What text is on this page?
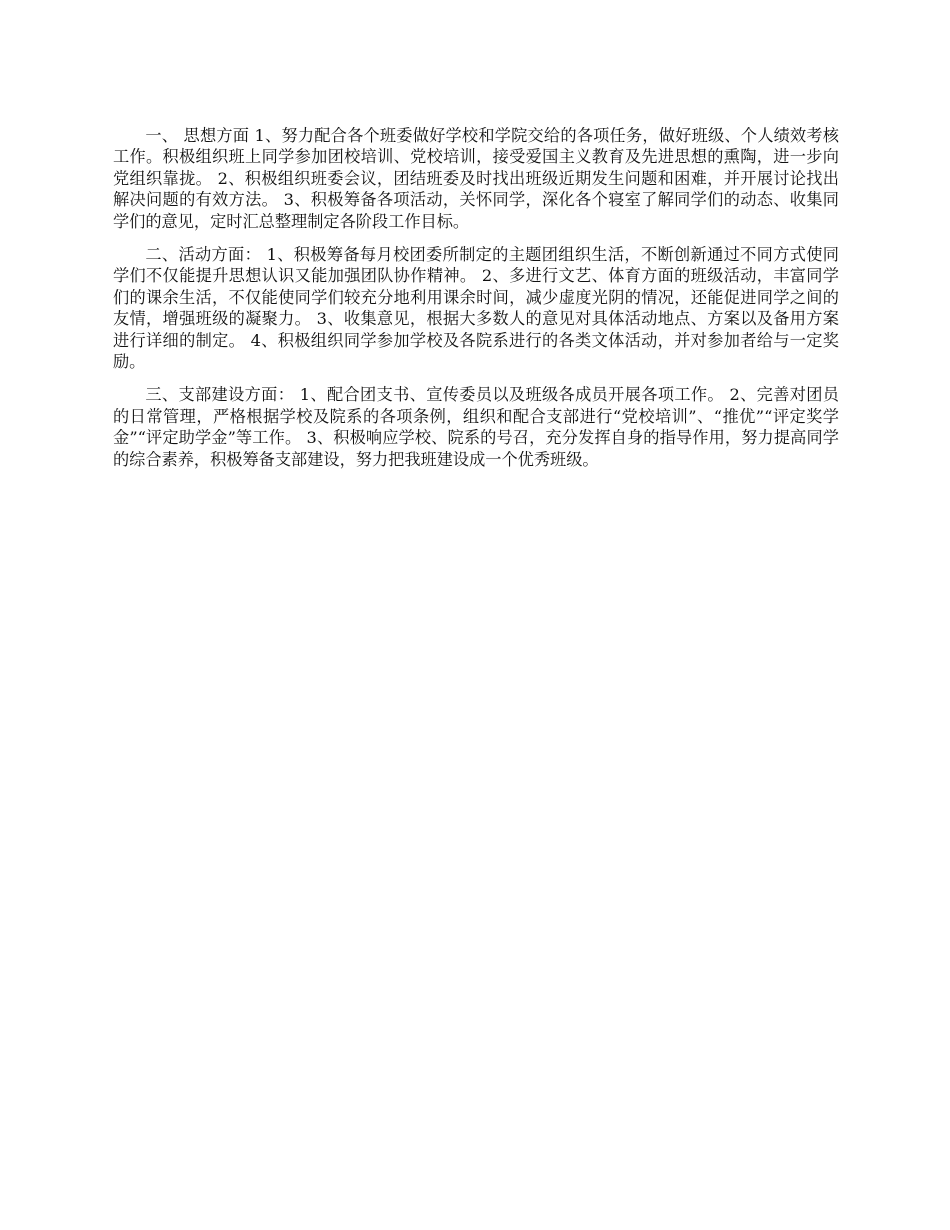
一、 思想方面 1、努力配合各个班委做好学校和学院交给的各项任务，做好班级、个人绩效考核工作。积极组织班上同学参加团校培训、党校培训，接受爱国主义教育及先进思想的熏陶，进一步向党组织靠拢。 2、积极组织班委会议，团结班委及时找出班级近期发生问题和困难，并开展讨论找出解决问题的有效方法。 3、积极筹备各项活动，关怀同学，深化各个寝室了解同学们的动态、收集同学们的意见，定时汇总整理制定各阶段工作目标。

二、活动方面： 1、积极筹备每月校团委所制定的主题团组织生活，不断创新通过不同方式使同学们不仅能提升思想认识又能加强团队协作精神。 2、多进行文艺、体育方面的班级活动，丰富同学们的课余生活，不仅能使同学们较充分地利用课余时间，减少虚度光阴的情况，还能促进同学之间的友情，增强班级的凝聚力。 3、收集意见，根据大多数人的意见对具体活动地点、方案以及备用方案进行详细的制定。 4、积极组织同学参加学校及各院系进行的各类文体活动，并对参加者给与一定奖励。

三、支部建设方面： 1、配合团支书、宣传委员以及班级各成员开展各项工作。 2、完善对团员的日常管理，严格根据学校及院系的各项条例，组织和配合支部进行“党校培训”、“推优”“评定奖学金”“评定助学金”等工作。 3、积极响应学校、院系的号召，充分发挥自身的指导作用，努力提高同学的综合素养，积极筹备支部建设，努力把我班建设成一个优秀班级。
